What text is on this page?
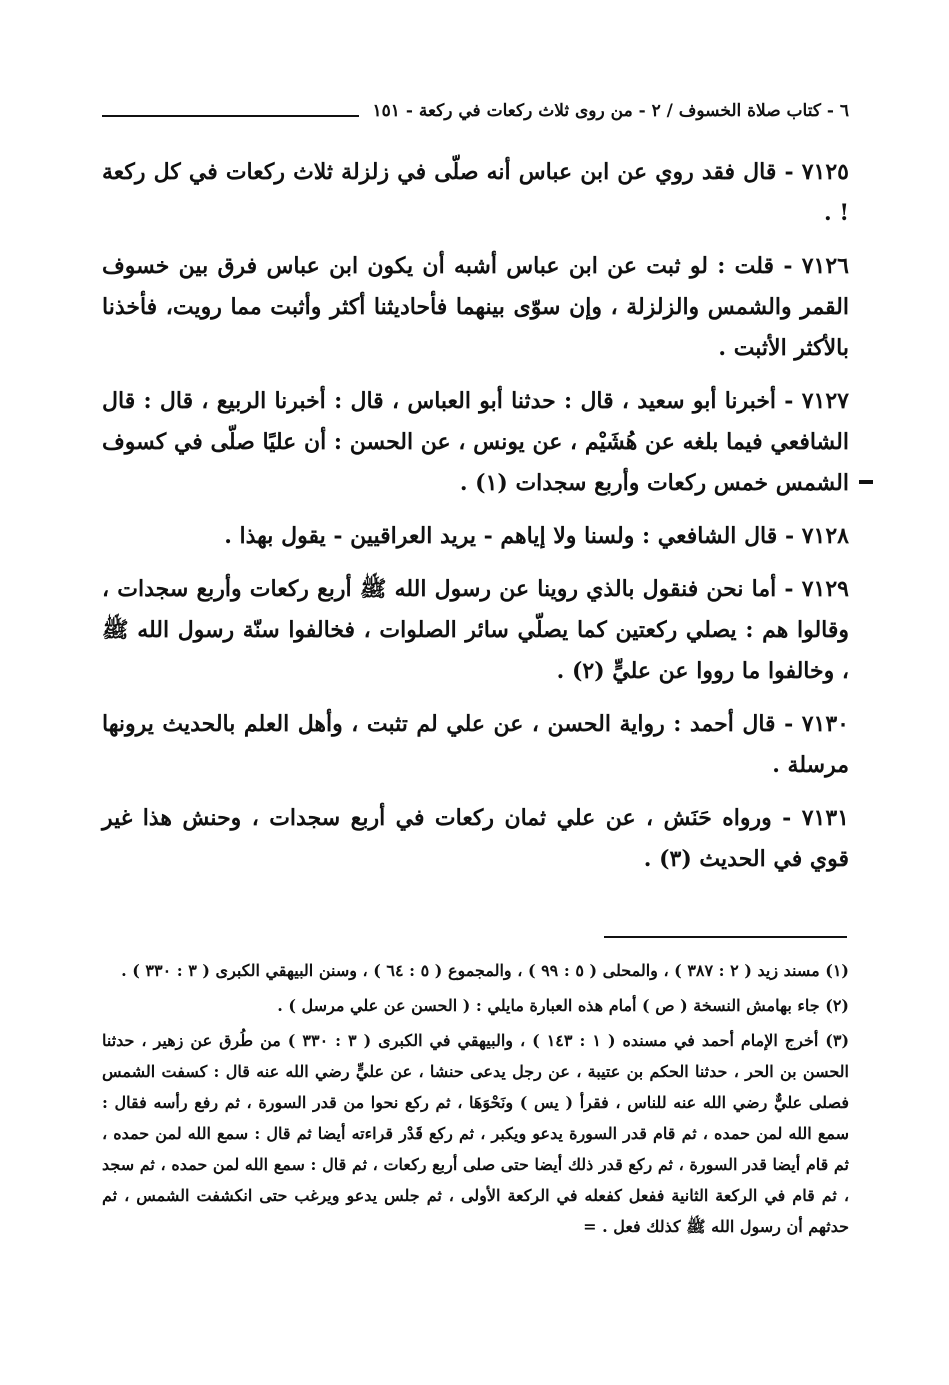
٦ - كتاب صلاة الخسوف / ٢ - من روى ثلاث ركعات في ركعة - ١٥١

٧١٢٥ - قال فقد روي عن ابن عباس أنه صلّى في زلزلة ثلاث ركعات في كل ركعة ! .

٧١٢٦ - قلت : لو ثبت عن ابن عباس أشبه أن يكون ابن عباس فرق بين خسوف القمر والشمس والزلزلة ، وإن سوّى بينهما فأحاديثنا أكثر وأثبت مما رويت، فأخذنا بالأكثر الأثبت .

٧١٢٧ - أخبرنا أبو سعيد ، قال : حدثنا أبو العباس ، قال : أخبرنا الربيع ، قال : قال الشافعي فيما بلغه عن هُشَيْم ، عن يونس ، عن الحسن : أن عليًا صلّى في كسوف الشمس خمس ركعات وأربع سجدات (١) .

٧١٢٨ - قال الشافعي : ولسنا ولا إياهم - يريد العراقيين - يقول بهذا .

٧١٢٩ - أما نحن فنقول بالذي روينا عن رسول الله ﷺ أربع ركعات وأربع سجدات ، وقالوا هم : يصلي ركعتين كما يصلّي سائر الصلوات ، فخالفوا سنّة رسول الله ﷺ ، وخالفوا ما رووا عن عليٍّ (٢) .

٧١٣٠ - قال أحمد : رواية الحسن ، عن علي لم تثبت ، وأهل العلم بالحديث يرونها مرسلة .

٧١٣١ - ورواه حَنَش ، عن علي ثمان ركعات في أربع سجدات ، وحنش هذا غير قوي في الحديث (٣) .

(١) مسند زيد ( ٢ : ٣٨٧ ) ، والمحلى ( ٥ : ٩٩ ) ، والمجموع ( ٥ : ٦٤ ) ، وسنن البيهقي الكبرى ( ٣ : ٣٣٠ ) .

(٢) جاء بهامش النسخة ( ص ) أمام هذه العبارة مايلي : ( الحسن عن علي مرسل ) .

(٣) أخرج الإمام أحمد في مسنده ( ١ : ١٤٣ ) ، والبيهقي في الكبرى ( ٣ : ٣٣٠ ) من طُرق عن زهير ، حدثنا الحسن بن الحر ، حدثنا الحكم بن عتيبة ، عن رجل يدعى حنشا ، عن عليٍّ رضي الله عنه قال : كسفت الشمس فصلى عليٌّ رضي الله عنه للناس ، فقرأ ( يس ) ونَحْوَهَا ، ثم ركع نحوا من قدر السورة ، ثم رفع رأسه فقال : سمع الله لمن حمده ، ثم قام قدر السورة يدعو ويكبر ، ثم ركع قَدْر قراءته أيضا ثم قال : سمع الله لمن حمده ، ثم قام أيضا قدر السورة ، ثم ركع قدر ذلك أيضا حتى صلى أربع ركعات ، ثم قال : سمع الله لمن حمده ، ثم سجد ، ثم قام في الركعة الثانية ففعل كفعله في الركعة الأولى ، ثم جلس يدعو ويرغب حتى انكشفت الشمس ، ثم حدثهم أن رسول الله ﷺ كذلك فعل . =
